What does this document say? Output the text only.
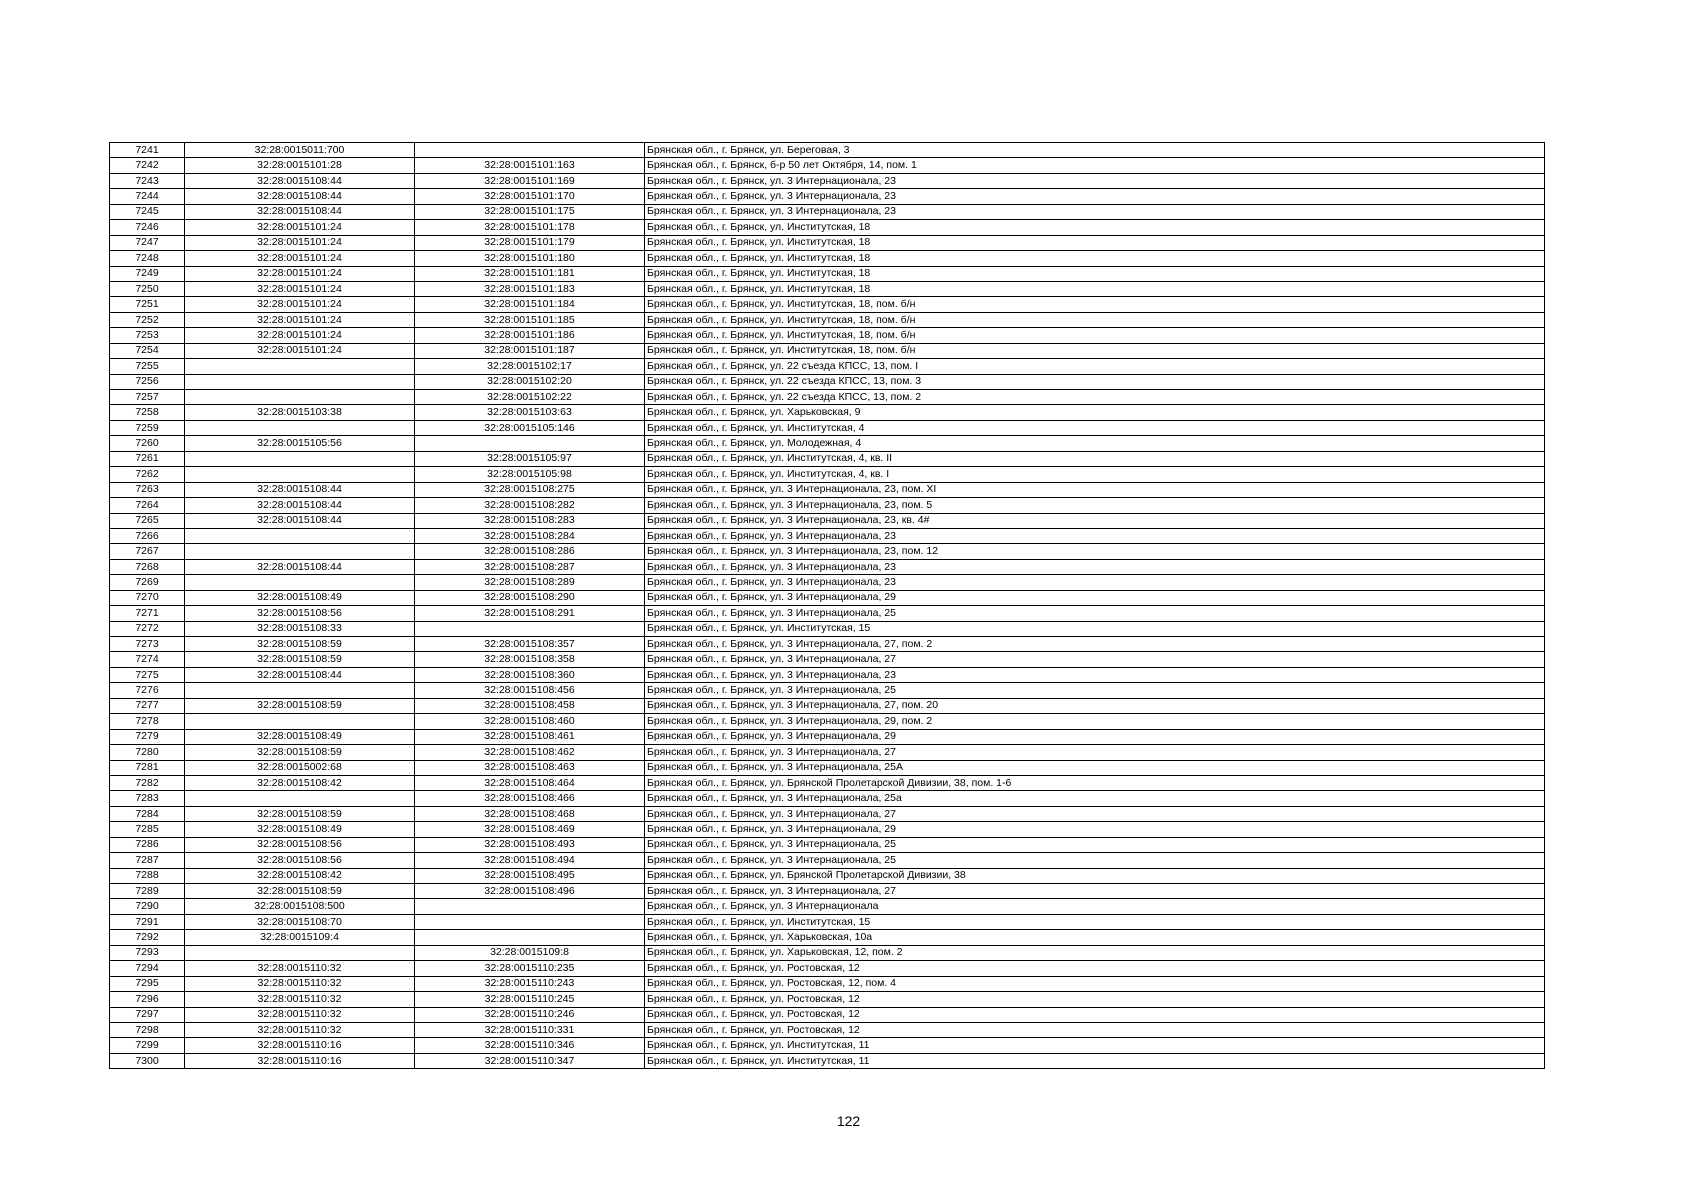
7241	32:28:0015011:700		Брянская обл., г. Брянск, ул. Береговая, 3
7242	32:28:0015101:28	32:28:0015101:163	Брянская обл., г. Брянск, б-р 50 лет Октября, 14, пом. 1
7243	32:28:0015108:44	32:28:0015101:169	Брянская обл., г. Брянск, ул. 3 Интернационала, 23
7244	32:28:0015108:44	32:28:0015101:170	Брянская обл., г. Брянск, ул. 3 Интернационала, 23
7245	32:28:0015108:44	32:28:0015101:175	Брянская обл., г. Брянск, ул. 3 Интернационала, 23
7246	32:28:0015101:24	32:28:0015101:178	Брянская обл., г. Брянск, ул. Институтская, 18
7247	32:28:0015101:24	32:28:0015101:179	Брянская обл., г. Брянск, ул. Институтская, 18
7248	32:28:0015101:24	32:28:0015101:180	Брянская обл., г. Брянск, ул. Институтская, 18
7249	32:28:0015101:24	32:28:0015101:181	Брянская обл., г. Брянск, ул. Институтская, 18
7250	32:28:0015101:24	32:28:0015101:183	Брянская обл., г. Брянск, ул. Институтская, 18
7251	32:28:0015101:24	32:28:0015101:184	Брянская обл., г. Брянск, ул. Институтская, 18, пом. б/н
7252	32:28:0015101:24	32:28:0015101:185	Брянская обл., г. Брянск, ул. Институтская, 18, пом. б/н
7253	32:28:0015101:24	32:28:0015101:186	Брянская обл., г. Брянск, ул. Институтская, 18, пом. б/н
7254	32:28:0015101:24	32:28:0015101:187	Брянская обл., г. Брянск, ул. Институтская, 18, пом. б/н
7255		32:28:0015102:17	Брянская обл., г. Брянск, ул. 22 съезда КПСС, 13, пом. I
7256		32:28:0015102:20	Брянская обл., г. Брянск, ул. 22 съезда КПСС, 13, пом. 3
7257		32:28:0015102:22	Брянская обл., г. Брянск, ул. 22 съезда КПСС, 13, пом. 2
7258	32:28:0015103:38	32:28:0015103:63	Брянская обл., г. Брянск, ул. Харьковская, 9
7259		32:28:0015105:146	Брянская обл., г. Брянск, ул. Институтская, 4
7260	32:28:0015105:56		Брянская обл., г. Брянск, ул. Молодежная, 4
7261		32:28:0015105:97	Брянская обл., г. Брянск, ул. Институтская, 4, кв. II
7262		32:28:0015105:98	Брянская обл., г. Брянск, ул. Институтская, 4, кв. I
7263	32:28:0015108:44	32:28:0015108:275	Брянская обл., г. Брянск, ул. 3 Интернационала, 23, пом. XI
7264	32:28:0015108:44	32:28:0015108:282	Брянская обл., г. Брянск, ул. 3 Интернационала, 23, пом. 5
7265	32:28:0015108:44	32:28:0015108:283	Брянская обл., г. Брянск, ул. 3 Интернационала, 23, кв. 4#
7266		32:28:0015108:284	Брянская обл., г. Брянск, ул. 3 Интернационала, 23
7267		32:28:0015108:286	Брянская обл., г. Брянск, ул. 3 Интернационала, 23, пом. 12
7268	32:28:0015108:44	32:28:0015108:287	Брянская обл., г. Брянск, ул. 3 Интернационала, 23
7269		32:28:0015108:289	Брянская обл., г. Брянск, ул. 3 Интернационала, 23
7270	32:28:0015108:49	32:28:0015108:290	Брянская обл., г. Брянск, ул. 3 Интернационала, 29
7271	32:28:0015108:56	32:28:0015108:291	Брянская обл., г. Брянск, ул. 3 Интернационала, 25
7272	32:28:0015108:33		Брянская обл., г. Брянск, ул. Институтская, 15
7273	32:28:0015108:59	32:28:0015108:357	Брянская обл., г. Брянск, ул. 3 Интернационала, 27, пом. 2
7274	32:28:0015108:59	32:28:0015108:358	Брянская обл., г. Брянск, ул. 3 Интернационала, 27
7275	32:28:0015108:44	32:28:0015108:360	Брянская обл., г. Брянск, ул. 3 Интернационала, 23
7276		32:28:0015108:456	Брянская обл., г. Брянск, ул. 3 Интернационала, 25
7277	32:28:0015108:59	32:28:0015108:458	Брянская обл., г. Брянск, ул. 3 Интернационала, 27, пом. 20
7278		32:28:0015108:460	Брянская обл., г. Брянск, ул. 3 Интернационала, 29, пом. 2
7279	32:28:0015108:49	32:28:0015108:461	Брянская обл., г. Брянск, ул. 3 Интернационала, 29
7280	32:28:0015108:59	32:28:0015108:462	Брянская обл., г. Брянск, ул. 3 Интернационала, 27
7281	32:28:0015002:68	32:28:0015108:463	Брянская обл., г. Брянск, ул. 3 Интернационала, 25А
7282	32:28:0015108:42	32:28:0015108:464	Брянская обл., г. Брянск, ул. Брянской Пролетарской Дивизии, 38, пом. 1-6
7283		32:28:0015108:466	Брянская обл., г. Брянск, ул. 3 Интернационала, 25а
7284	32:28:0015108:59	32:28:0015108:468	Брянская обл., г. Брянск, ул. 3 Интернационала, 27
7285	32:28:0015108:49	32:28:0015108:469	Брянская обл., г. Брянск, ул. 3 Интернационала, 29
7286	32:28:0015108:56	32:28:0015108:493	Брянская обл., г. Брянск, ул. 3 Интернационала, 25
7287	32:28:0015108:56	32:28:0015108:494	Брянская обл., г. Брянск, ул. 3 Интернационала, 25
7288	32:28:0015108:42	32:28:0015108:495	Брянская обл., г. Брянск, ул. Брянской Пролетарской Дивизии, 38
7289	32:28:0015108:59	32:28:0015108:496	Брянская обл., г. Брянск, ул. 3 Интернационала, 27
7290	32:28:0015108:500		Брянская обл., г. Брянск, ул. 3 Интернационала
7291	32:28:0015108:70		Брянская обл., г. Брянск, ул. Институтская, 15
7292	32:28:0015109:4		Брянская обл., г. Брянск, ул. Харьковская, 10а
7293		32:28:0015109:8	Брянская обл., г. Брянск, ул. Харьковская, 12, пом. 2
7294	32:28:0015110:32	32:28:0015110:235	Брянская обл., г. Брянск, ул. Ростовская, 12
7295	32:28:0015110:32	32:28:0015110:243	Брянская обл., г. Брянск, ул. Ростовская, 12, пом. 4
7296	32:28:0015110:32	32:28:0015110:245	Брянская обл., г. Брянск, ул. Ростовская, 12
7297	32:28:0015110:32	32:28:0015110:246	Брянская обл., г. Брянск, ул. Ростовская, 12
7298	32:28:0015110:32	32:28:0015110:331	Брянская обл., г. Брянск, ул. Ростовская, 12
7299	32:28:0015110:16	32:28:0015110:346	Брянская обл., г. Брянск, ул. Институтская, 11
7300	32:28:0015110:16	32:28:0015110:347	Брянская обл., г. Брянск, ул. Институтская, 11
122
